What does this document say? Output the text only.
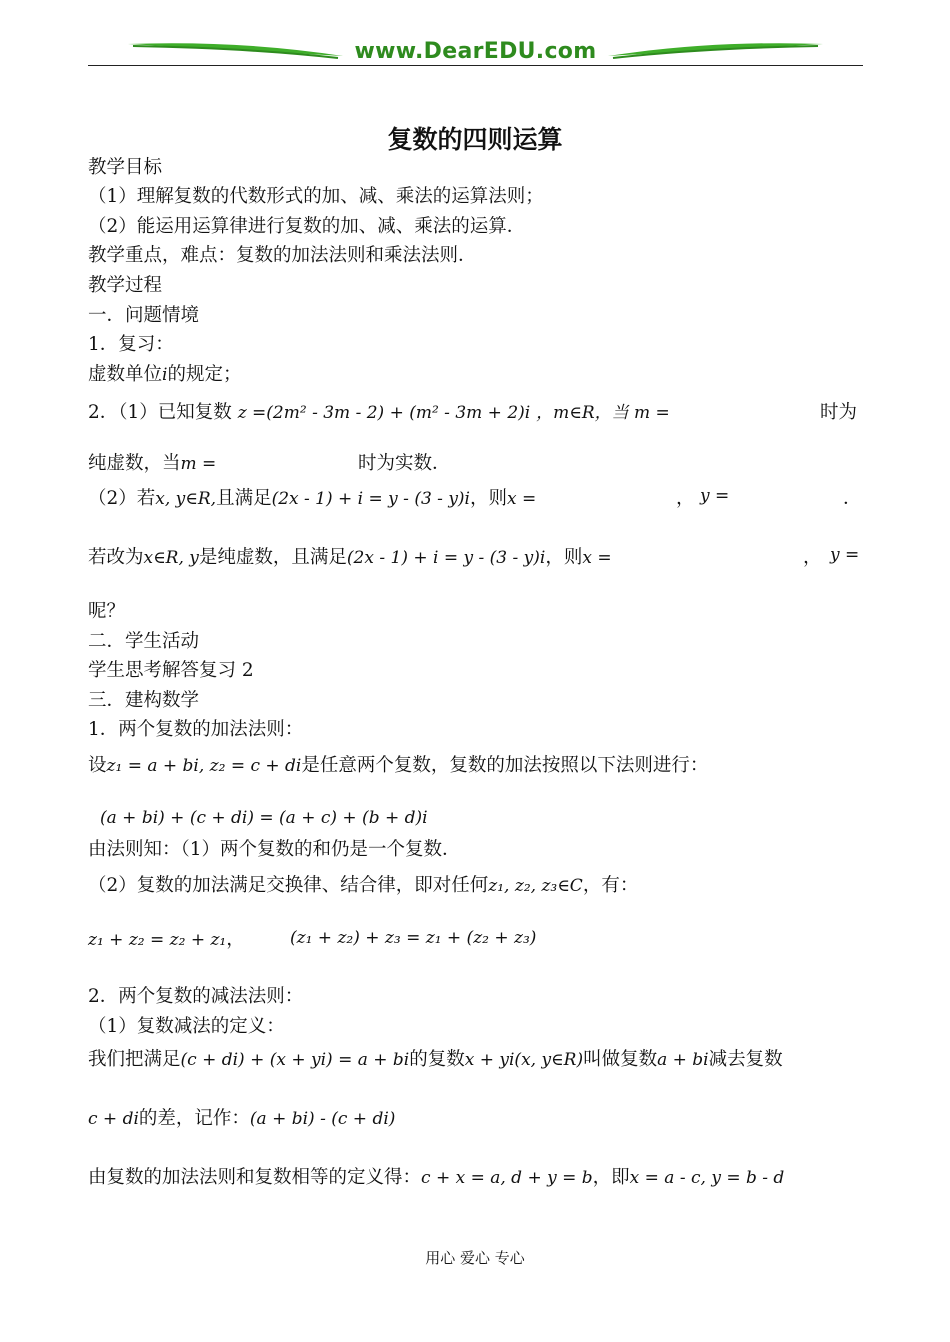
www.DearEDU.com
复数的四则运算
教学目标
（1）理解复数的代数形式的加、减、乘法的运算法则；
（2）能运用运算律进行复数的加、减、乘法的运算．
教学重点，难点：复数的加法法则和乘法法则．
教学过程
一．问题情境
1．复习：
虚数单位i的规定；
2．（1）已知复数 z =(2m² - 3m - 2) + (m² - 3m + 2)i ，m∈R，当 m =	时为
纯虚数，当m =	时为实数．
（2）若x, y∈R,且满足(2x - 1) + i = y - (3 - y)i，则x =	， y =	．
若改为x∈R, y是纯虚数，且满足(2x - 1) + i = y - (3 - y)i，则x =	， y =
呢？
二．学生活动
学生思考解答复习 2
三．建构数学
1．两个复数的加法法则：
设z₁ = a + bi, z₂ = c + di是任意两个复数，复数的加法按照以下法则进行：
(a + bi) + (c + di) = (a + c) + (b + d)i
由法则知：（1）两个复数的和仍是一个复数．
（2）复数的加法满足交换律、结合律，即对任何z₁, z₂, z₃∈C，有：
z₁ + z₂ = z₂ + z₁，	(z₁ + z₂) + z₃ = z₁ + (z₂ + z₃)
2．两个复数的减法法则：
（1）复数减法的定义：
我们把满足(c + di) + (x + yi) = a + bi的复数x + yi(x, y∈R)叫做复数a + bi减去复数
c + di的差，记作：(a + bi) - (c + di)
由复数的加法法则和复数相等的定义得：c + x = a, d + y = b，即x = a - c, y = b - d
用心 爱心 专心
